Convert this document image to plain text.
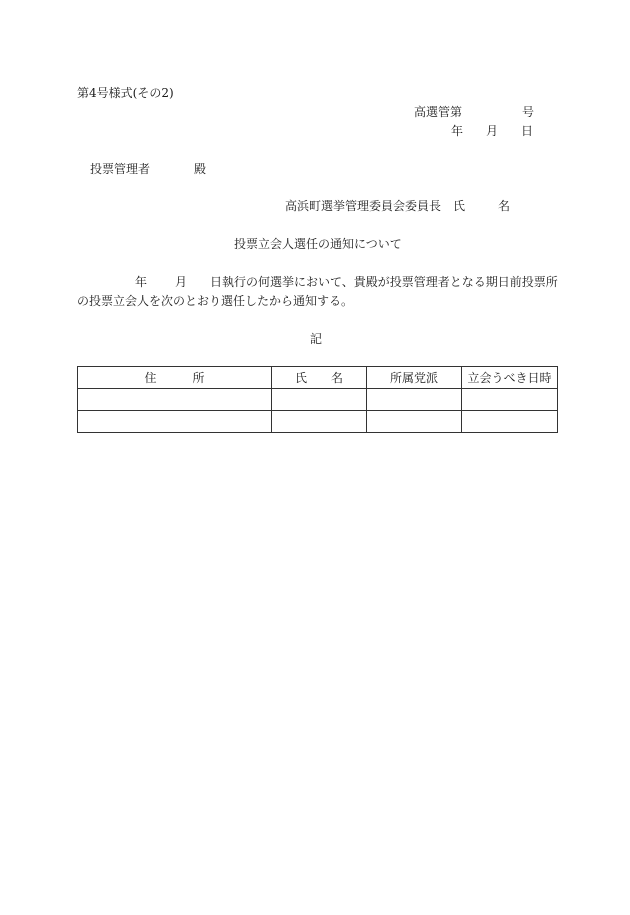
第4号様式(その2)
高選管第	号
年 月 日
投票管理者	殿
高浜町選挙管理委員会委員長　氏	名
投票立会人選任の通知について
年 月 日執行の何選挙において、貴殿が投票管理者となる期日前投票所
の投票立会人を次のとおり選任したから通知する。
記
住　　　所	氏　　名	所属党派	立会うべき日時
